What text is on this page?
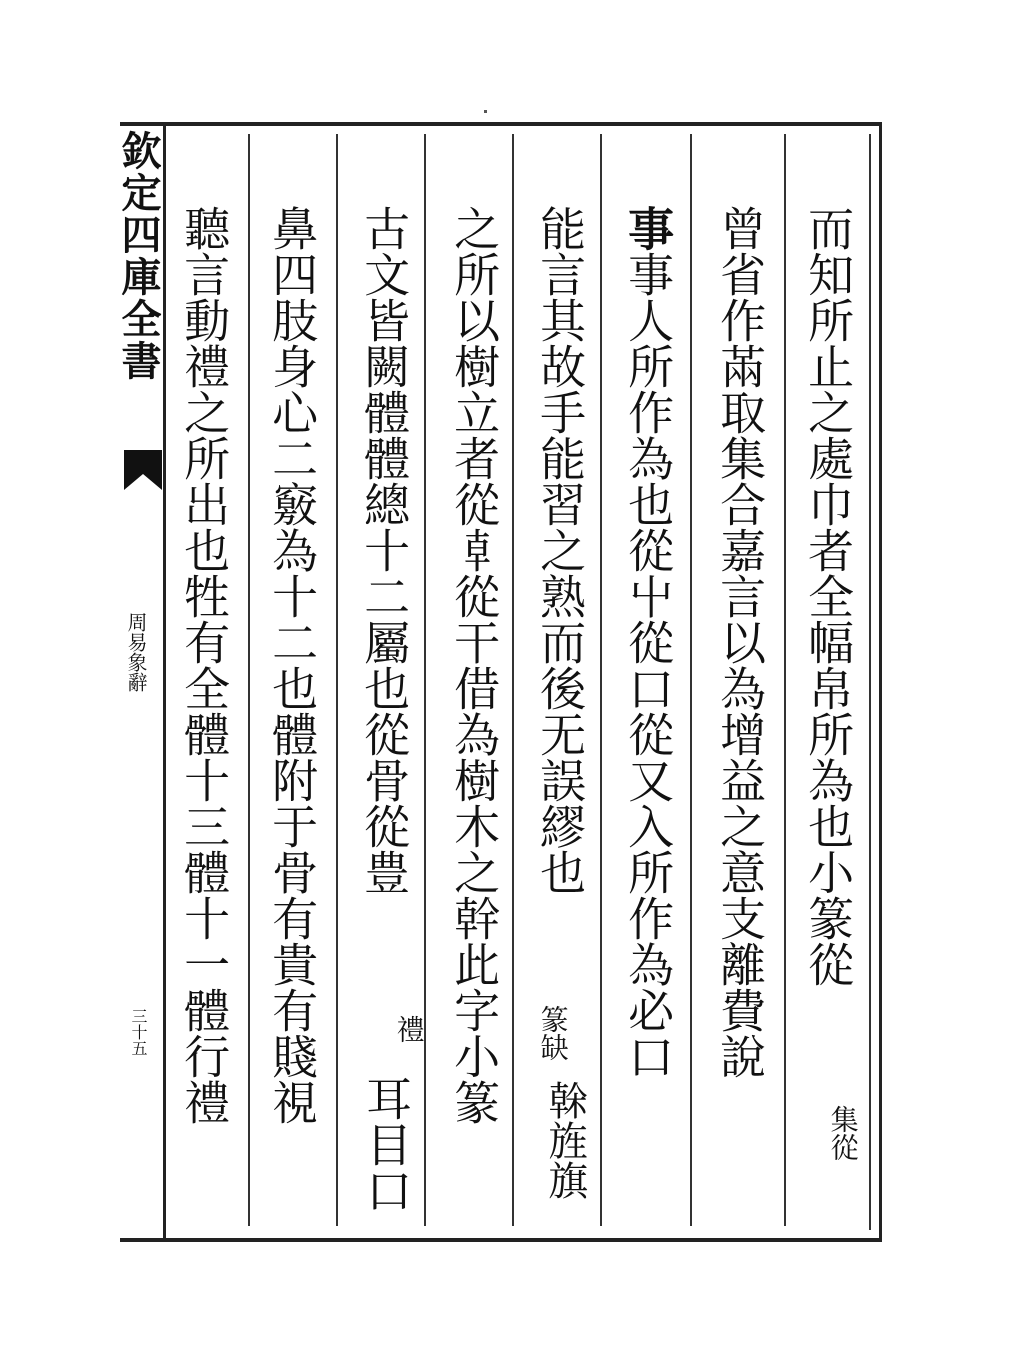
欽定四庫全書
周易象辭
三十五
而知所止之處巾者全幅帛所為也小篆從
集從
曾省作㒼取集合嘉言以為增益之意支離費說
事事人所作為也從屮從口從又入所作為必口
能言其故手能習之熟而後无誤繆也
之所以樹立者從𠦝從干借為樹木之幹此字小篆 篆缺
榦旌旗
古文皆闕體體總十二屬也從骨從豊
禮
耳目口
鼻四肢身心二竅為十二也體附于骨有貴有賤視
聽言動禮之所出也牲有全體十三體十一體行禮
